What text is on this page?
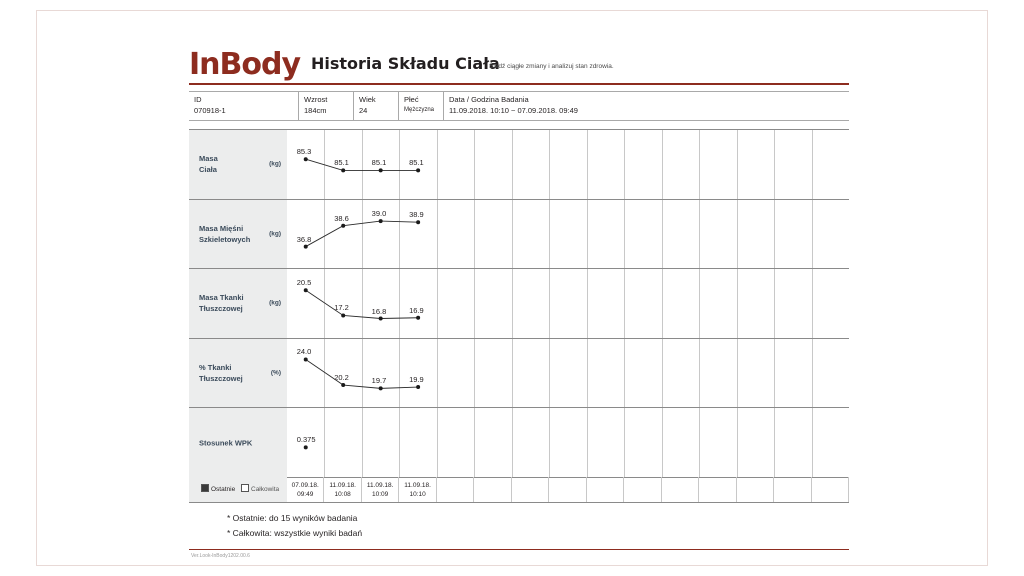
InBody Historia Składu Ciała
Śledź ciągłe zmiany i analizuj stan zdrowia.
ID
070918-1
Wzrost
184cm
Wiek
24
Płeć
Mężczyzna
Data / Godzina Badania
11.09.2018. 10:10 ~ 07.09.2018. 09:49
Masa
Ciała
(kg)
Masa Mięśni
Szkieletowych
(kg)
Masa Tkanki
Tłuszczowej
(kg)
% Tkanki
Tłuszczowej
(%)
Stosunek WPK
85.3
85.1	85.1	85.1
36.8
38.6
39.0	38.9
20.5
17.2	16.8	16.9
24.0
20.2	19.7	19.9
0.375
Ostatnie	Całkowita
07.09.18.
09:49
11.09.18.
10:08
11.09.18.
10:09
11.09.18.
10:10
* Ostatnie: do 15 wyników badania
* Całkowita: wszystkie wyniki badań
Ver.Look-InBody1202.00.6
